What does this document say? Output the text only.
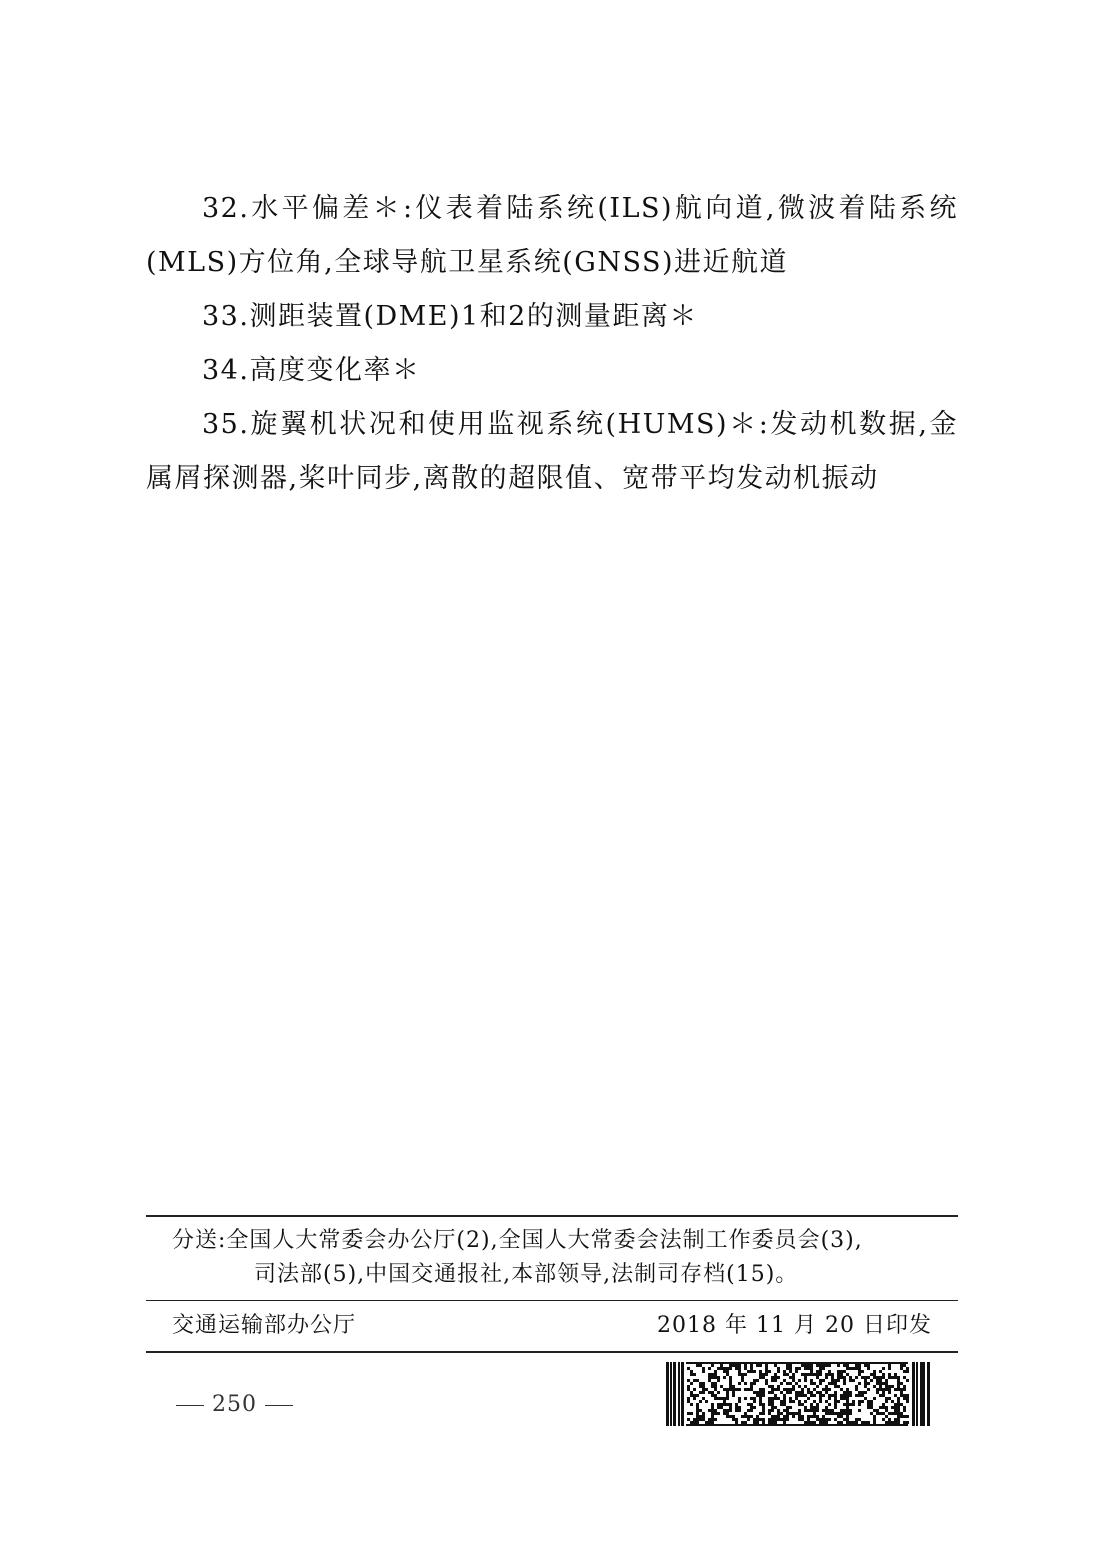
32.水平偏差＊:仪表着陆系统(ILS)航向道,微波着陆系统(MLS)方位角,全球导航卫星系统(GNSS)进近航道

33.测距装置(DME)1和2的测量距离＊

34.高度变化率＊

35.旋翼机状况和使用监视系统(HUMS)＊:发动机数据,金属屑探测器,桨叶同步,离散的超限值、宽带平均发动机振动

分送:全国人大常委会办公厅(2),全国人大常委会法制工作委员会(3),
司法部(5),中国交通报社,本部领导,法制司存档(15)。
交通运输部办公厅	2018 年 11 月 20 日印发
250
